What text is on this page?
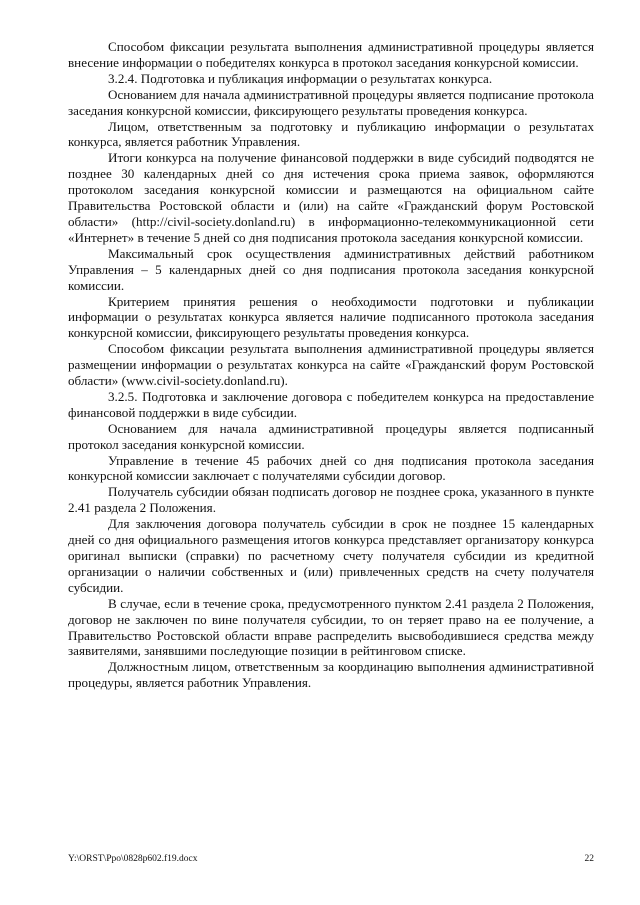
Способом фиксации результата выполнения административной процедуры является внесение информации о победителях конкурса в протокол заседания конкурсной комиссии.

3.2.4. Подготовка и публикация информации о результатах конкурса.

Основанием для начала административной процедуры является подписание протокола заседания конкурсной комиссии, фиксирующего результаты проведения конкурса.

Лицом, ответственным за подготовку и публикацию информации о результатах конкурса, является работник Управления.

Итоги конкурса на получение финансовой поддержки в виде субсидий подводятся не позднее 30 календарных дней со дня истечения срока приема заявок, оформляются протоколом заседания конкурсной комиссии и размещаются на официальном сайте Правительства Ростовской области и (или) на сайте «Гражданский форум Ростовской области» (http://civil-society.donland.ru) в информационно-телекоммуникационной сети «Интернет» в течение 5 дней со дня подписания протокола заседания конкурсной комиссии.

Максимальный срок осуществления административных действий работником Управления – 5 календарных дней со дня подписания протокола заседания конкурсной комиссии.

Критерием принятия решения о необходимости подготовки и публикации информации о результатах конкурса является наличие подписанного протокола заседания конкурсной комиссии, фиксирующего результаты проведения конкурса.

Способом фиксации результата выполнения административной процедуры является размещении информации о результатах конкурса на сайте «Гражданский форум Ростовской области» (www.civil-society.donland.ru).

3.2.5. Подготовка и заключение договора с победителем конкурса на предоставление финансовой поддержки в виде субсидии.

Основанием для начала административной процедуры является подписанный протокол заседания конкурсной комиссии.

Управление в течение 45 рабочих дней со дня подписания протокола заседания конкурсной комиссии заключает с получателями субсидии договор.

Получатель субсидии обязан подписать договор не позднее срока, указанного в пункте 2.41 раздела 2 Положения.

Для заключения договора получатель субсидии в срок не позднее 15 календарных дней со дня официального размещения итогов конкурса представляет организатору конкурса оригинал выписки (справки) по расчетному счету получателя субсидии из кредитной организации о наличии собственных и (или) привлеченных средств на счету получателя субсидии.

В случае, если в течение срока, предусмотренного пунктом 2.41 раздела 2 Положения, договор не заключен по вине получателя субсидии, то он теряет право на ее получение, а Правительство Ростовской области вправе распределить высвободившиеся средства между заявителями, занявшими последующие позиции в рейтинговом списке.

Должностным лицом, ответственным за координацию выполнения административной процедуры, является работник Управления.

Y:\ORST\Ppo\0828p602.f19.docx	22
